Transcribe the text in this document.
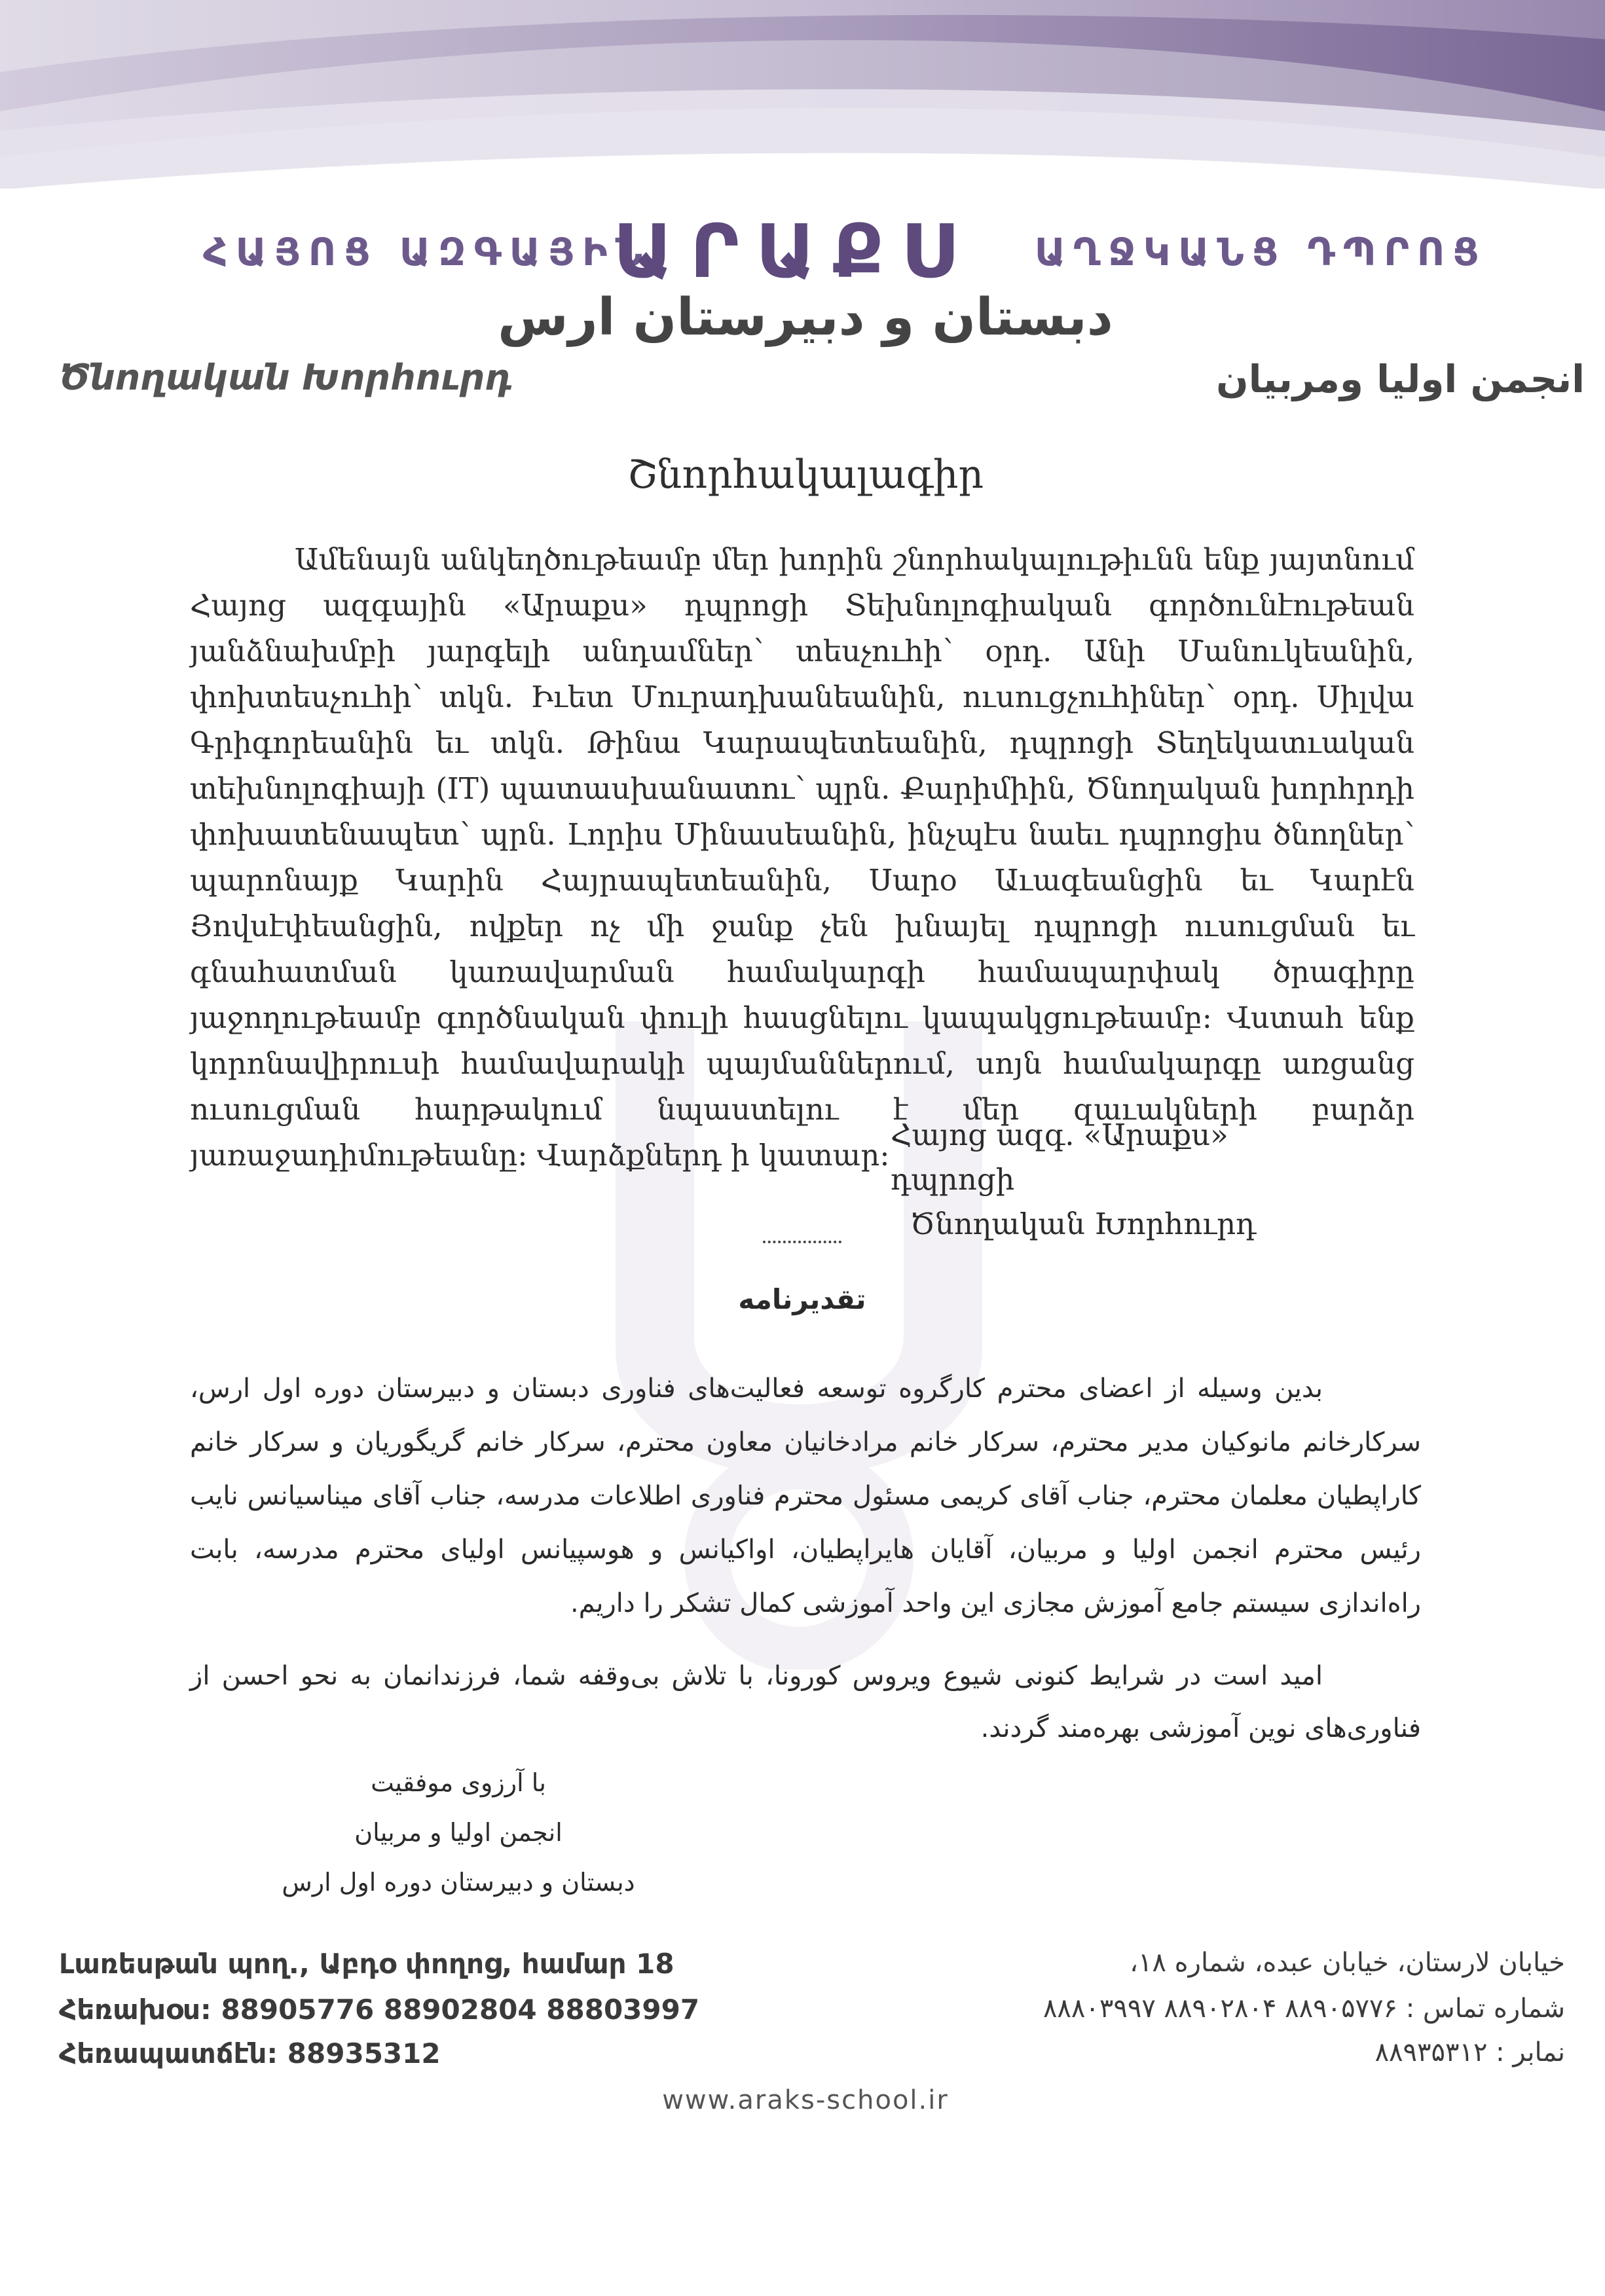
ՀԱՅՈՑ ԱԶԳԱՅԻՆ
ԱՐԱՔՍ	ԱՂՋԿԱՆՑ ԴՊՐՈՑ
دبستان و دبیرستان ارس
Ծնողական Խորհուրդ	انجمن اولیا ومربیان
Շնորհակալագիր
Ամենայն անկեղծութեամբ մեր խորին շնորհակալութիւնն ենք յայտնում Հայոց ազգային «Արաքս» դպրոցի Տեխնոլոգիական գործունէութեան յանձնախմբի յարգելի անդամներ՝ տեսչուհի՝ օրդ. Անի Մանուկեանին, փոխտեսչուհի՝ տկն. Իւետ Մուրադխանեանին, ուսուցչուհիներ՝ օրդ. Սիլվա Գրիգորեանին եւ տկն. Թինա Կարապետեանին, դպրոցի Տեղեկատւական տեխնոլոգիայի (IT) պատասխանատու՝ պրն. Քարիմիին, Ծնողական խորհրդի փոխատենապետ՝ պրն. Լորիս Մինասեանին, ինչպէս նաեւ դպրոցիս ծնողներ՝ պարոնայք Կարին Հայրապետեանին, Սարօ Աւագեանցին եւ Կարէն Յովսէփեանցին, ովքեր ոչ մի ջանք չեն խնայել դպրոցի ուսուցման եւ գնահատման կառավարման համակարգի համապարփակ ծրագիրը յաջողութեամբ գործնական փուլի հասցնելու կապակցութեամբ: Վստահ ենք կորոնավիրուսի համավարակի պայմաններում, սոյն համակարգը առցանց ուսուցման հարթակում նպաստելու է մեր զաւակների բարձր յառաջադիմութեանը: Վարձքներդ ի կատար:
Հայոց ազգ. «Արաքս» դպրոցի
Ծնողական Խորհուրդ
تقدیرنامه
بدین وسیله از اعضای محترم کارگروه توسعه فعالیت‌های فناوری دبستان و دبیرستان دوره اول ارس، سرکارخانم مانوکیان مدیر محترم، سرکار خانم مرادخانیان معاون محترم، سرکار خانم گریگوریان و سرکار خانم کاراپطیان معلمان محترم، جناب آقای کریمی مسئول محترم فناوری اطلاعات مدرسه، جناب آقای میناسیانس نایب رئیس محترم انجمن اولیا و مربیان، آقایان هایراپطیان، اواکیانس و هوسپیانس اولیای محترم مدرسه، بابت راه‌اندازی سیستم جامع آموزش مجازی این واحد آموزشی کمال تشکر را داریم.
امید است در شرایط کنونی شیوع ویروس کورونا، با تلاش بی‌وقفه شما، فرزندانمان به نحو احسن از فناوری‌های نوین آموزشی بهره‌مند گردند.
با آرزوی موفقیت
انجمن اولیا و مربیان
دبستان و دبیرستان دوره اول ارس
Լառեսթան պող., Աբդօ փողոց, համար 18
Հեռախօս: 88905776 88902804 88803997
Հեռապատճէն: 88935312
خیابان لارستان، خیابان عبده، شماره ۱۸،
شماره تماس : ۸۸۹۰۵۷۷۶ ۸۸۹۰۲۸۰۴ ۸۸۸۰۳۹۹۷
نمابر : ۸۸۹۳۵۳۱۲
www.araks-school.ir
